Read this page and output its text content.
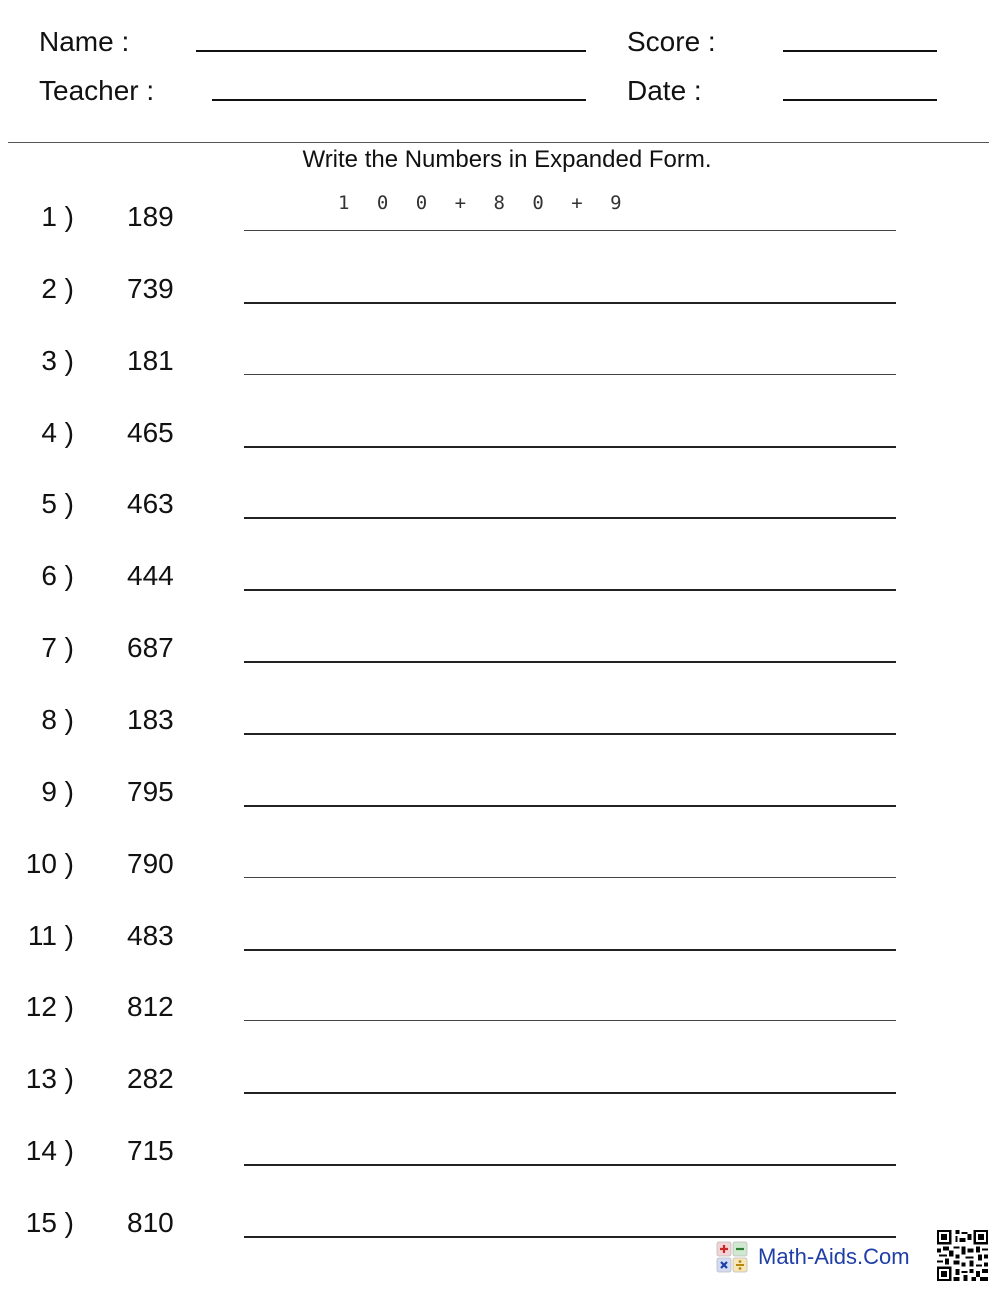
Name :	Score :
Teacher :	Date :
Write the Numbers in Expanded Form.
1 ) 189	1 0 0 + 8 0 + 9
2 ) 739
3 ) 181
4 ) 465
5 ) 463
6 ) 444
7 ) 687
8 ) 183
9 ) 795
10 ) 790
11 ) 483
12 ) 812
13 ) 282
14 ) 715
15 ) 810
Math-Aids.Com
